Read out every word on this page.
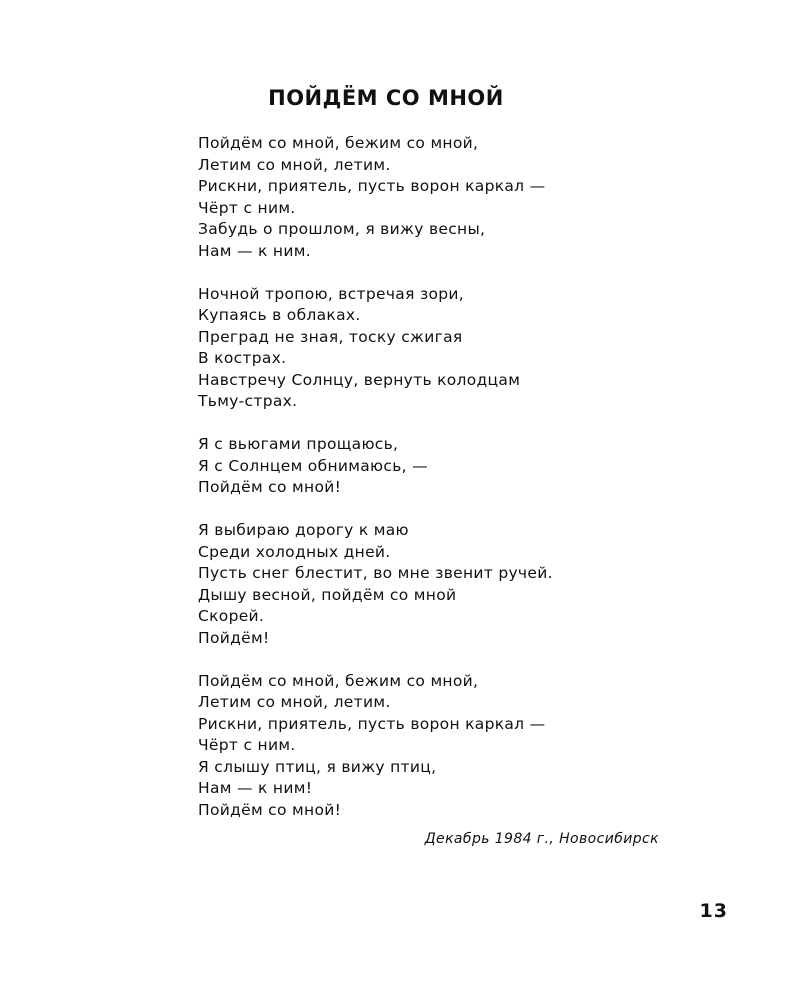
ПОЙДЁМ СО МНОЙ
Пойдём со мной, бежим со мной,
Летим со мной, летим.
Рискни, приятель, пусть ворон каркал —
Чёрт с ним.
Забудь о прошлом, я вижу весны,
Нам — к ним.
Ночной тропою, встречая зори,
Купаясь в облаках.
Преград не зная, тоску сжигая
В кострах.
Навстречу Солнцу, вернуть колодцам
Тьму-страх.
Я с вьюгами прощаюсь,
Я с Солнцем обнимаюсь, —
Пойдём со мной!
Я выбираю дорогу к маю
Среди холодных дней.
Пусть снег блестит, во мне звенит ручей.
Дышу весной, пойдём со мной
Скорей.
Пойдём!
Пойдём со мной, бежим со мной,
Летим со мной, летим.
Рискни, приятель, пусть ворон каркал —
Чёрт с ним.
Я слышу птиц, я вижу птиц,
Нам — к ним!
Пойдём со мной!
Декабрь 1984 г., Новосибирск
13
